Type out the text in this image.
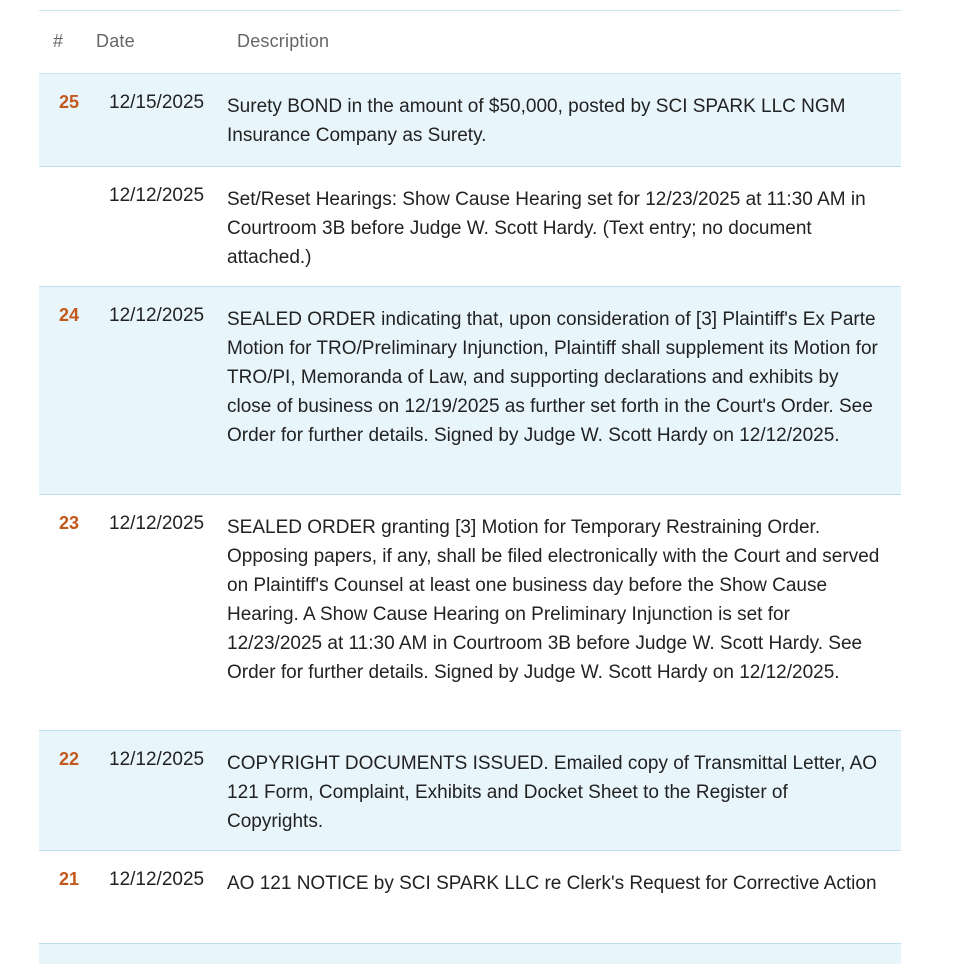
# Date	Description
25 12/15/2025 Surety BOND in the amount of $50,000, posted by SCI SPARK LLC NGM Insurance Company as Surety.
12/12/2025 Set/Reset Hearings: Show Cause Hearing set for 12/23/2025 at 11:30 AM in Courtroom 3B before Judge W. Scott Hardy. (Text entry; no document attached.)
24 12/12/2025 SEALED ORDER indicating that, upon consideration of [3] Plaintiff's Ex Parte Motion for TRO/Preliminary Injunction, Plaintiff shall supplement its Motion for TRO/PI, Memoranda of Law, and supporting declarations and exhibits by close of business on 12/19/2025 as further set forth in the Court's Order. See Order for further details. Signed by Judge W. Scott Hardy on 12/12/2025.
23 12/12/2025 SEALED ORDER granting [3] Motion for Temporary Restraining Order. Opposing papers, if any, shall be filed electronically with the Court and served on Plaintiff's Counsel at least one business day before the Show Cause Hearing. A Show Cause Hearing on Preliminary Injunction is set for 12/23/2025 at 11:30 AM in Courtroom 3B before Judge W. Scott Hardy. See Order for further details. Signed by Judge W. Scott Hardy on 12/12/2025.
22 12/12/2025 COPYRIGHT DOCUMENTS ISSUED. Emailed copy of Transmittal Letter, AO 121 Form, Complaint, Exhibits and Docket Sheet to the Register of Copyrights.
21 12/12/2025 AO 121 NOTICE by SCI SPARK LLC re Clerk's Request for Corrective Action
